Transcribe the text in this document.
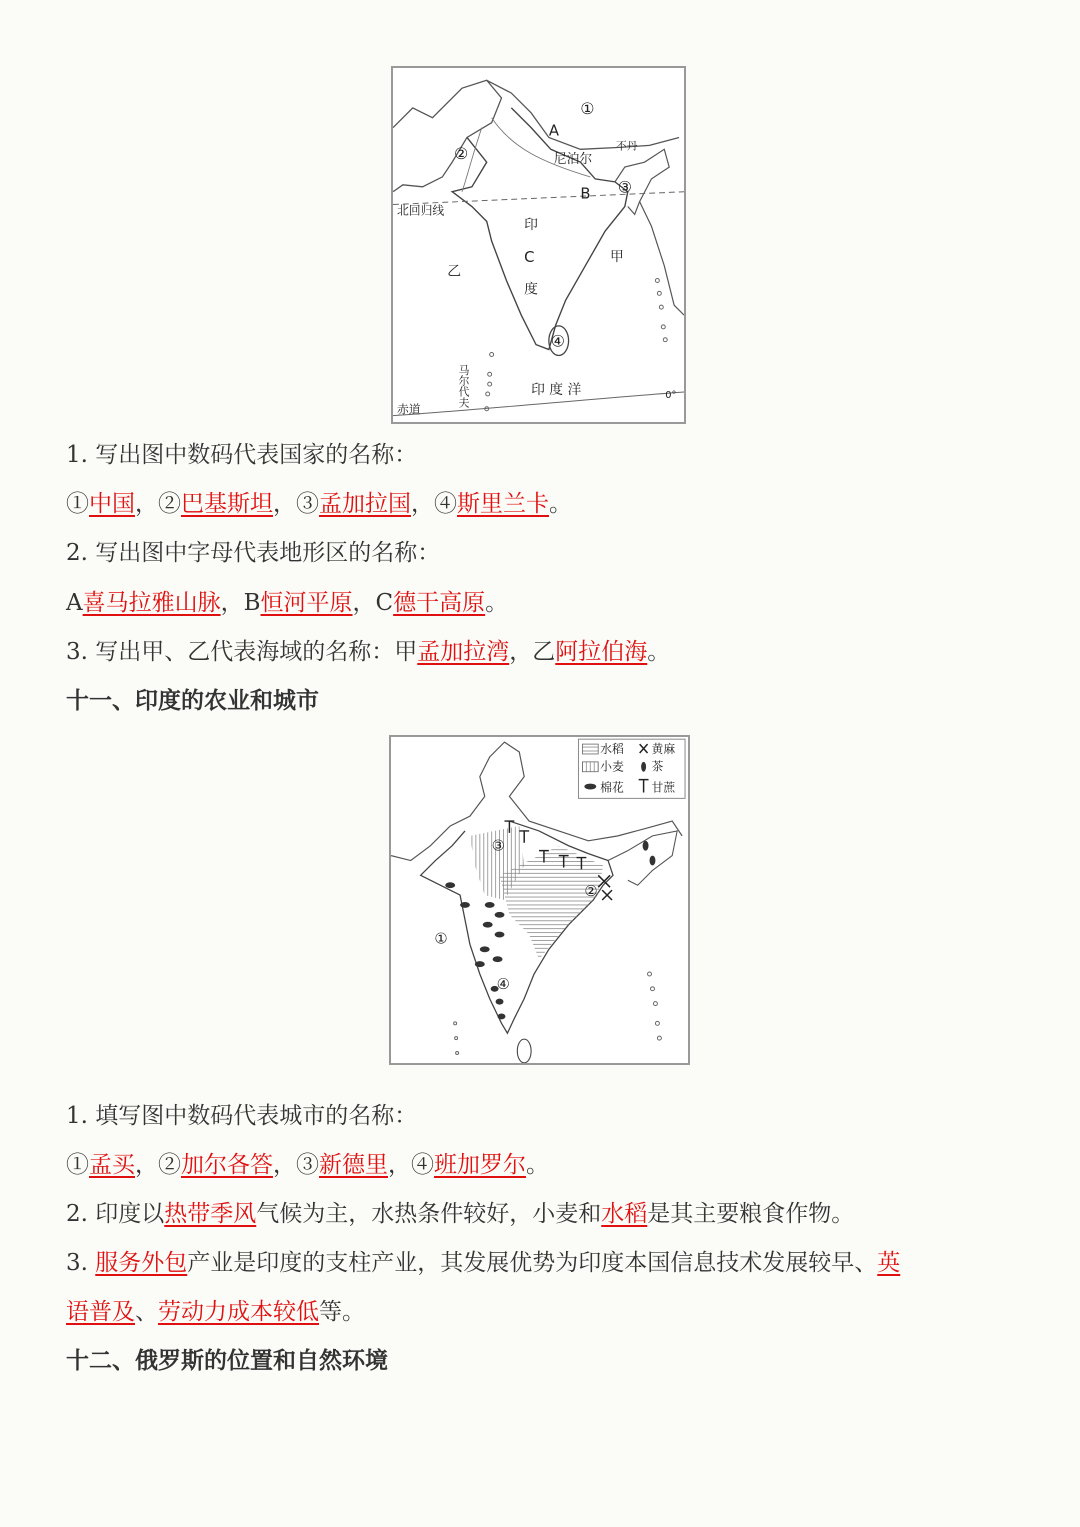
①
②
③
④
A
B
C
尼泊尔
不丹
北回归线
赤道
0°
印
度
甲
乙
马尔代夫	印 度 洋
1. 写出图中数码代表国家的名称：
①中国，②巴基斯坦，③孟加拉国，④斯里兰卡。
2. 写出图中字母代表地形区的名称：
A喜马拉雅山脉，B恒河平原，C德干高原。
3. 写出甲、乙代表海域的名称：甲孟加拉湾，乙阿拉伯海。
十一、印度的农业和城市
水稻 黄麻
小麦 茶
棉花 甘蔗
①
②
③
④
1. 填写图中数码代表城市的名称：
①孟买，②加尔各答，③新德里，④班加罗尔。
2. 印度以热带季风气候为主，水热条件较好，小麦和水稻是其主要粮食作物。
3. 服务外包产业是印度的支柱产业，其发展优势为印度本国信息技术发展较早、英
语普及、劳动力成本较低等。
十二、俄罗斯的位置和自然环境
